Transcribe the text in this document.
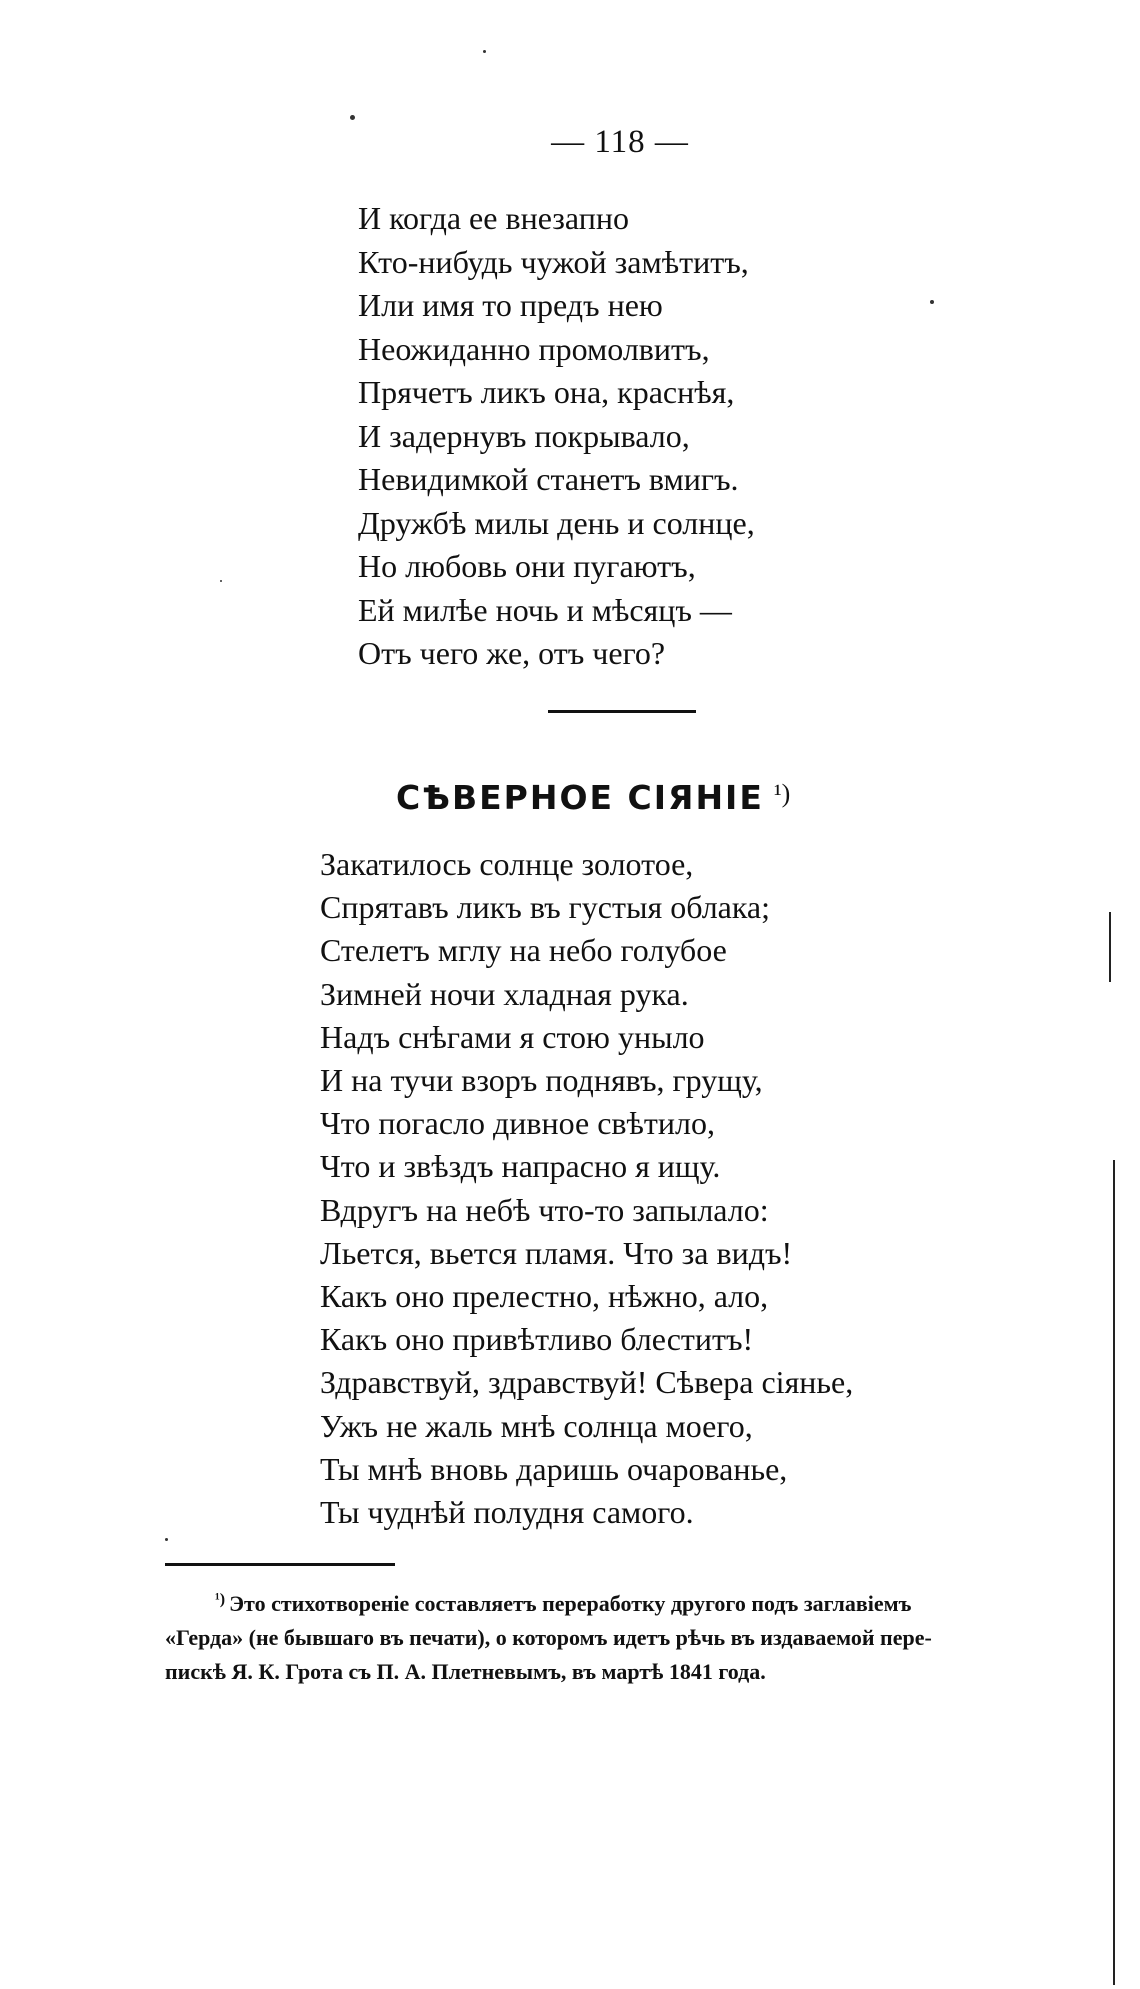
— 118 —
И когда ее внезапно
Кто-нибудь чужой замѣтитъ,
Или имя то предъ нею
Неожиданно промолвитъ,
Прячетъ ликъ она, краснѣя,
И задернувъ покрывало,
Невидимкой станетъ вмигъ.
Дружбѣ милы день и солнце,
Но любовь они пугаютъ,
Ей милѣе ночь и мѣсяцъ —
Отъ чего же, отъ чего?
СѢВЕРНОЕ СІЯНІЕ $^{^1)}$
Закатилось солнце золотое,
Спрятавъ ликъ въ густыя облака;
Стелетъ мглу на небо голубое
Зимней ночи хладная рука.
Надъ снѣгами я стою уныло
И на тучи взоръ поднявъ, грущу,
Что погасло дивное свѣтило,
Что и звѣздъ напрасно я ищу.
Вдругъ на небѣ что-то запылало:
Льется, вьется пламя. Что за видъ!
Какъ оно прелестно, нѣжно, ало,
Какъ оно привѣтливо блеститъ!
Здравствуй, здравствуй! Сѣвера сіянье,
Ужъ не жаль мнѣ солнца моего,
Ты мнѣ вновь даришь очарованье,
Ты чуднѣй полудня самого.
$^{^1)}$ Это стихотвореніе составляетъ переработку другого подъ заглавіемъ
«Герда» (не бывшаго въ печати), о которомъ идетъ рѣчь въ издаваемой пере-
пискѣ Я. К. Грота съ П. А. Плетневымъ, въ мартѣ 1841 года.
